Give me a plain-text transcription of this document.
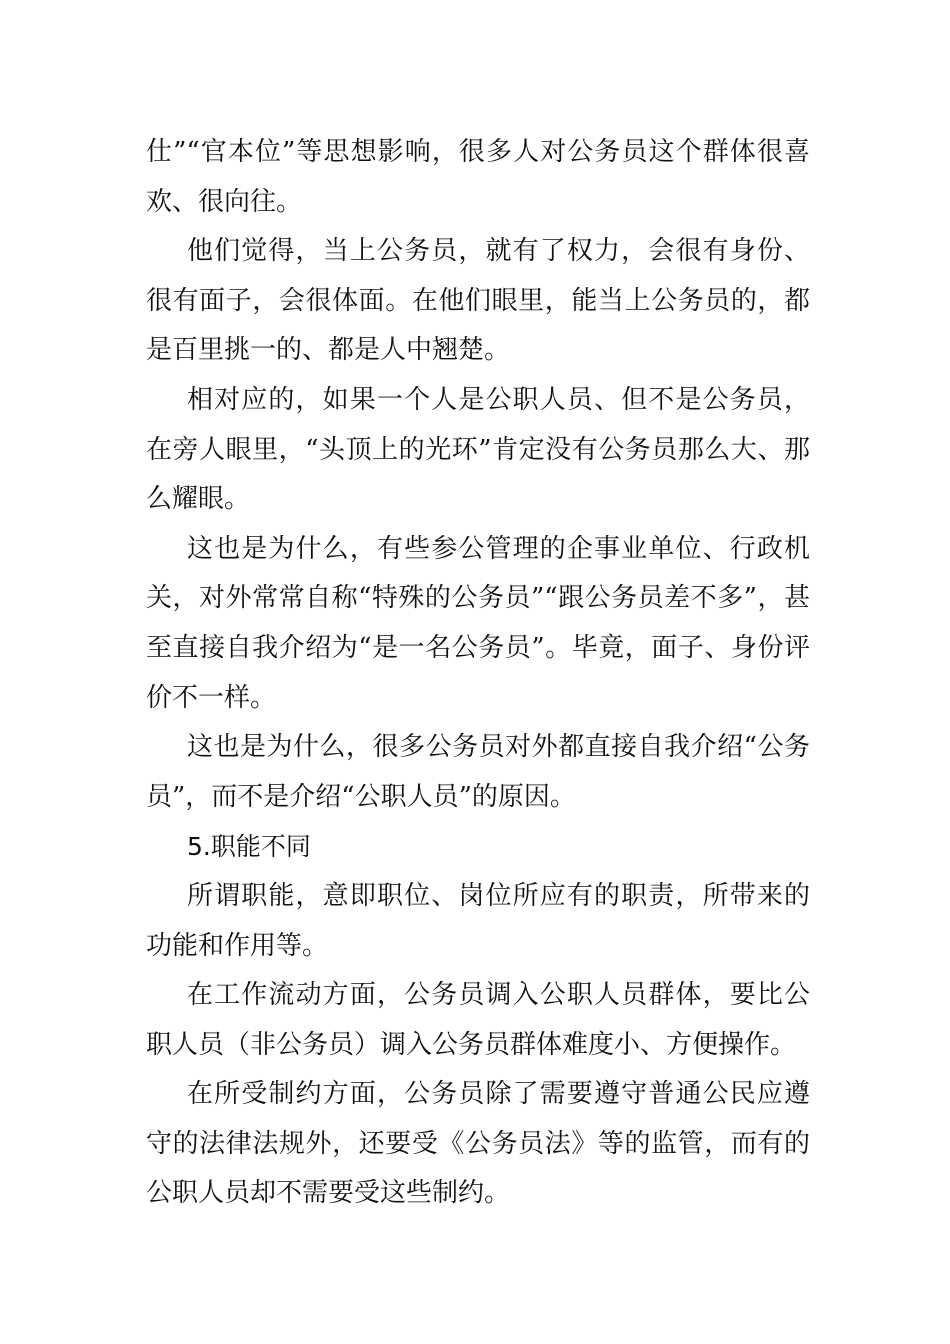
仕”“官本位”等思想影响，很多人对公务员这个群体很喜欢、很向往。

他们觉得，当上公务员，就有了权力，会很有身份、很有面子，会很体面。在他们眼里，能当上公务员的，都是百里挑一的、都是人中翘楚。

相对应的，如果一个人是公职人员、但不是公务员，在旁人眼里，“头顶上的光环”肯定没有公务员那么大、那么耀眼。

这也是为什么，有些参公管理的企事业单位、行政机关，对外常常自称“特殊的公务员”“跟公务员差不多”，甚至直接自我介绍为“是一名公务员”。毕竟，面子、身份评价不一样。

这也是为什么，很多公务员对外都直接自我介绍“公务员”，而不是介绍“公职人员”的原因。

5.职能不同

所谓职能，意即职位、岗位所应有的职责，所带来的功能和作用等。

在工作流动方面，公务员调入公职人员群体，要比公职人员（非公务员）调入公务员群体难度小、方便操作。

在所受制约方面，公务员除了需要遵守普通公民应遵守的法律法规外，还要受《公务员法》等的监管，而有的公职人员却不需要受这些制约。
